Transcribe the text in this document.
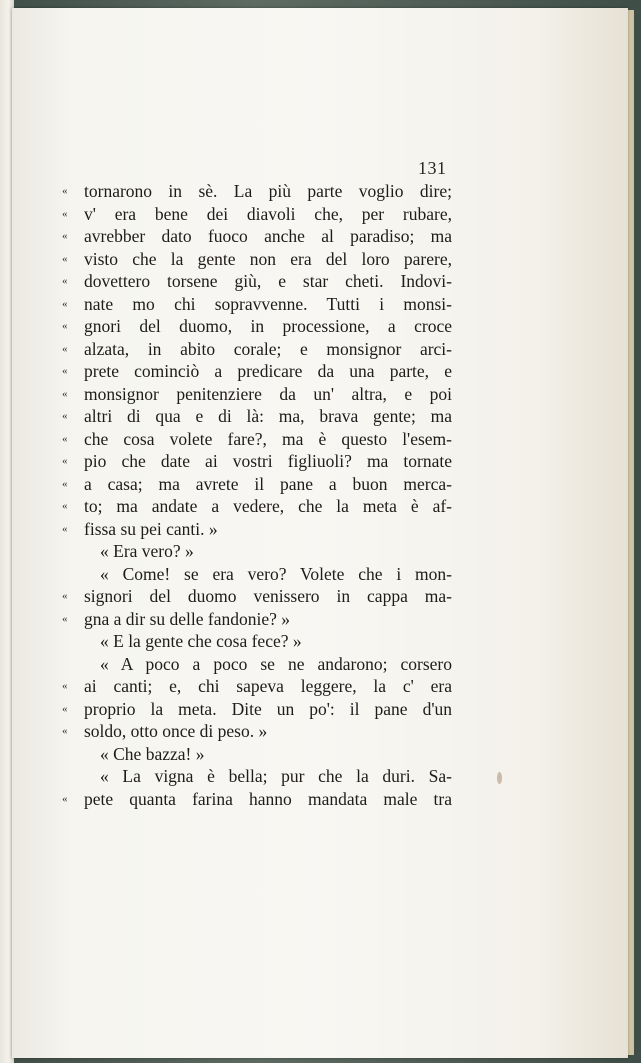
131
« tornarono in sè. La più parte voglio dire;
« v' era bene dei diavoli che, per rubare,
« avrebber dato fuoco anche al paradiso; ma
« visto che la gente non era del loro parere,
« dovettero torsene giù, e star cheti. Indovi-
« nate mo chi sopravvenne. Tutti i monsi-
« gnori del duomo, in processione, a croce
« alzata, in abito corale; e monsignor arci-
« prete cominciò a predicare da una parte, e
« monsignor penitenziere da un' altra, e poi
« altri di qua e di là: ma, brava gente; ma
« che cosa volete fare?, ma è questo l'esem-
« pio che date ai vostri figliuoli? ma tornate
« a casa; ma avrete il pane a buon merca-
« to; ma andate a vedere, che la meta è af-
« fissa su pei canti. »
« Era vero? »
« Come! se era vero? Volete che i mon-
« signori del duomo venissero in cappa ma-
« gna a dir su delle fandonie? »
« E la gente che cosa fece? »
« A poco a poco se ne andarono; corsero
« ai canti; e, chi sapeva leggere, la c' era
« proprio la meta. Dite un po': il pane d'un
« soldo, otto once di peso. »
« Che bazza! »
« La vigna è bella; pur che la duri. Sa-
« pete quanta farina hanno mandata male tra
